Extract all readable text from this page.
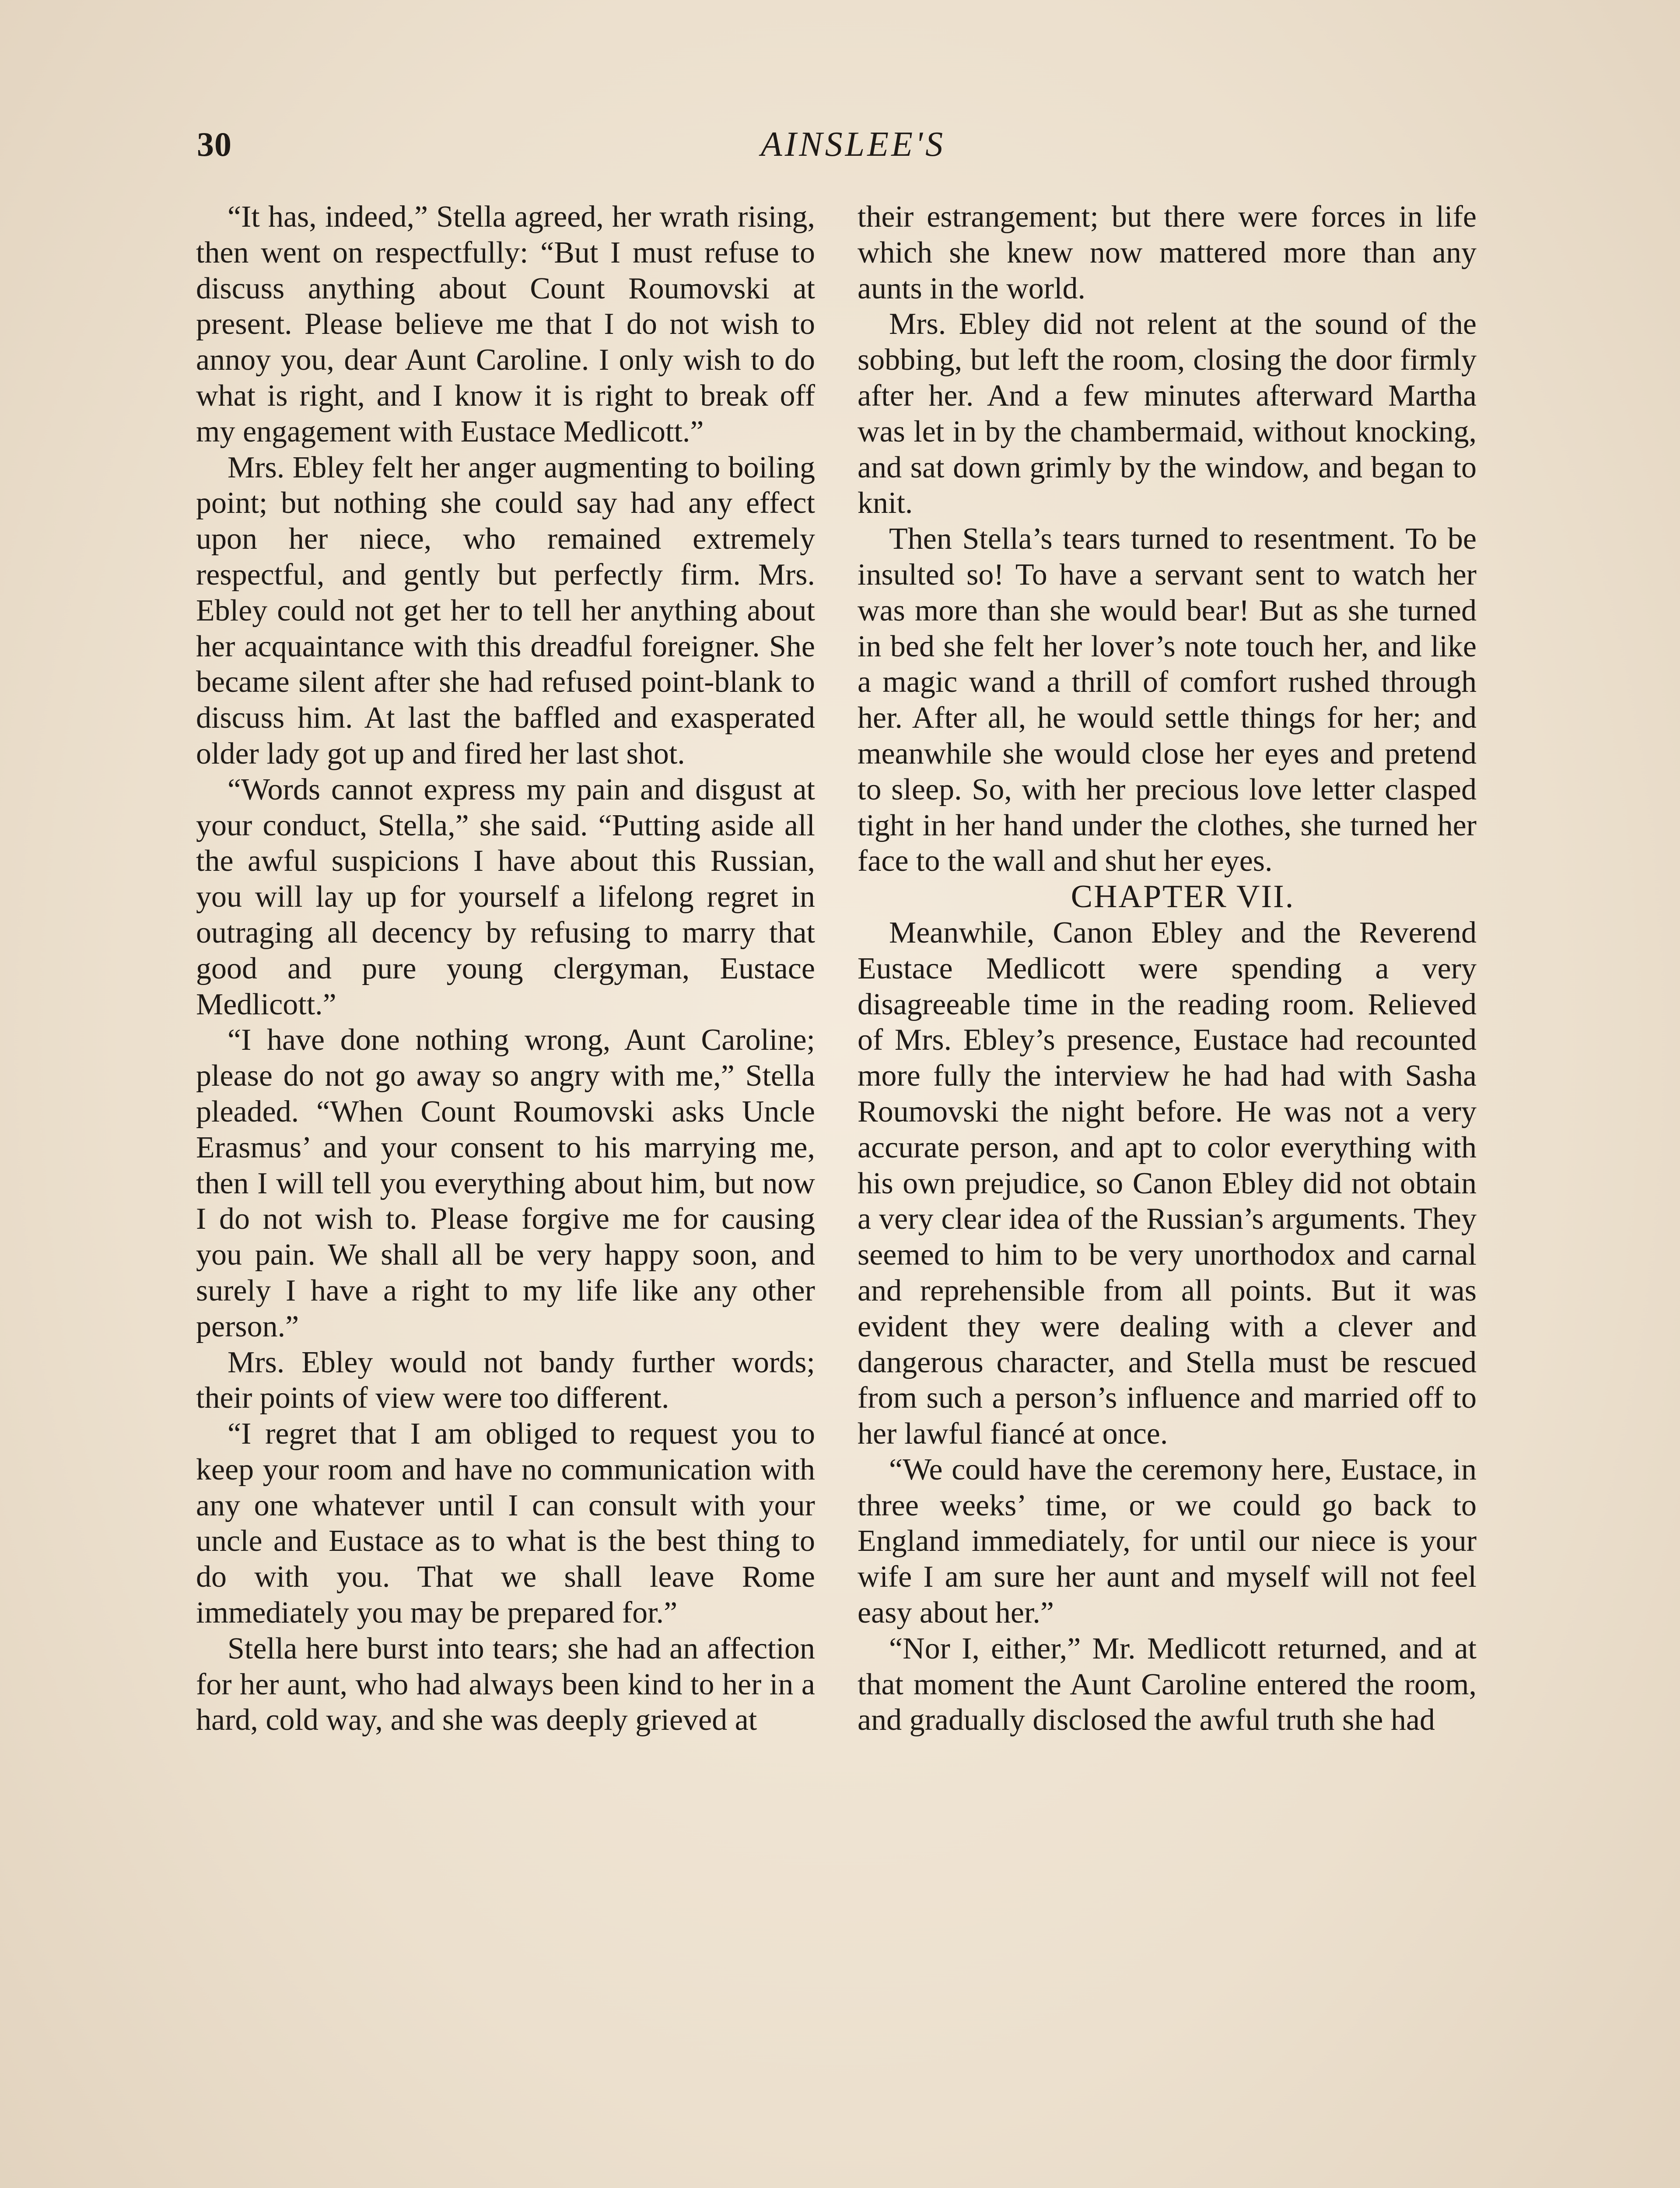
30	AINSLEE'S

“It has, indeed,” Stella agreed, her wrath rising, then went on respectfully: “But I must refuse to discuss anything about Count Roumovski at present. Please believe me that I do not wish to annoy you, dear Aunt Caroline. I only wish to do what is right, and I know it is right to break off my engagement with Eustace Medlicott.”

Mrs. Ebley felt her anger augmenting to boiling point; but nothing she could say had any effect upon her niece, who remained extremely respectful, and gently but perfectly firm. Mrs. Ebley could not get her to tell her anything about her acquaintance with this dreadful foreigner. She became silent after she had refused point-blank to discuss him. At last the baffled and exasperated older lady got up and fired her last shot.

“Words cannot express my pain and disgust at your conduct, Stella,” she said. “Putting aside all the awful suspicions I have about this Russian, you will lay up for yourself a lifelong regret in outraging all decency by refusing to marry that good and pure young clergyman, Eustace Medlicott.”

“I have done nothing wrong, Aunt Caroline; please do not go away so angry with me,” Stella pleaded. “When Count Roumovski asks Uncle Erasmus’ and your consent to his marrying me, then I will tell you everything about him, but now I do not wish to. Please forgive me for causing you pain. We shall all be very happy soon, and surely I have a right to my life like any other person.”

Mrs. Ebley would not bandy further words; their points of view were too different.

“I regret that I am obliged to request you to keep your room and have no communication with any one whatever until I can consult with your uncle and Eustace as to what is the best thing to do with you. That we shall leave Rome immediately you may be prepared for.”

Stella here burst into tears; she had an affection for her aunt, who had always been kind to her in a hard, cold way, and she was deeply grieved at

their estrangement; but there were forces in life which she knew now mattered more than any aunts in the world.

Mrs. Ebley did not relent at the sound of the sobbing, but left the room, closing the door firmly after her. And a few minutes afterward Martha was let in by the chambermaid, without knocking, and sat down grimly by the window, and began to knit.

Then Stella’s tears turned to resentment. To be insulted so! To have a servant sent to watch her was more than she would bear! But as she turned in bed she felt her lover’s note touch her, and like a magic wand a thrill of comfort rushed through her. After all, he would settle things for her; and meanwhile she would close her eyes and pretend to sleep. So, with her precious love letter clasped tight in her hand under the clothes, she turned her face to the wall and shut her eyes.

CHAPTER VII.

Meanwhile, Canon Ebley and the Reverend Eustace Medlicott were spending a very disagreeable time in the reading room. Relieved of Mrs. Ebley’s presence, Eustace had recounted more fully the interview he had had with Sasha Roumovski the night before. He was not a very accurate person, and apt to color everything with his own prejudice, so Canon Ebley did not obtain a very clear idea of the Russian’s arguments. They seemed to him to be very unorthodox and carnal and reprehensible from all points. But it was evident they were dealing with a clever and dangerous character, and Stella must be rescued from such a person’s influence and married off to her lawful fiancé at once.

“We could have the ceremony here, Eustace, in three weeks’ time, or we could go back to England immediately, for until our niece is your wife I am sure her aunt and myself will not feel easy about her.”

“Nor I, either,” Mr. Medlicott returned, and at that moment the Aunt Caroline entered the room, and gradually disclosed the awful truth she had
